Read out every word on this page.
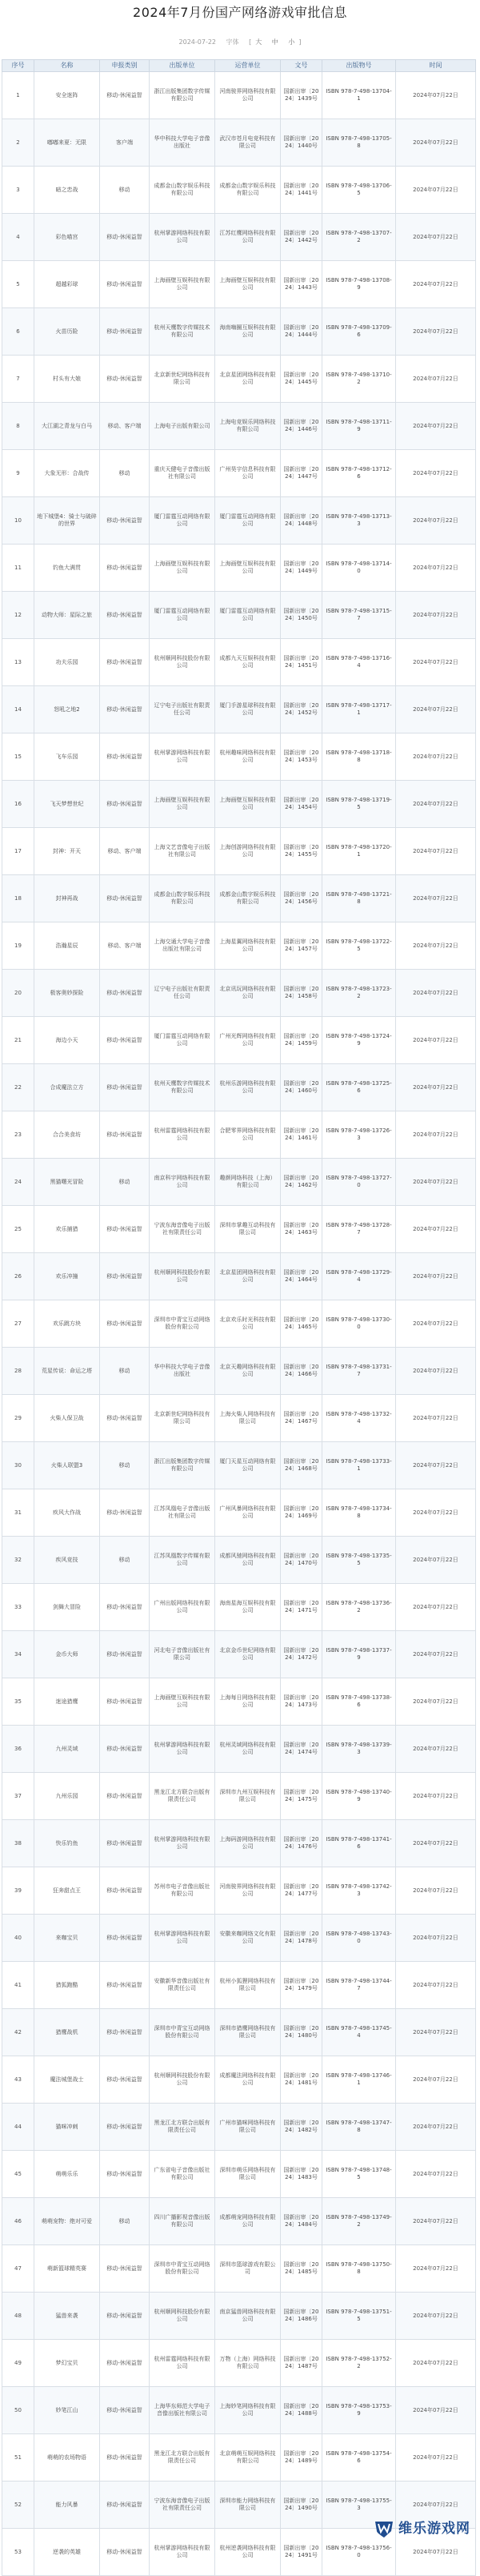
2024年7月份国产网络游戏审批信息
2024-07-22 字体 [ 大 中 小 ]
序号	名称	申报类别	出版单位	运营单位	文号	出版物号	时间
1	安全迷阵	移动-休闲益智	浙江出版集团数字传媒有限公司	河南骏界网络科技有限公司	国新出审〔2024〕1439号	ISBN 978-7-498-13704-1	2024年07月22日
2	嘟嘟来夏：无限	客户端	华中科技大学电子音像出版社	武汉市苍月电竞科技有限公司	国新出审〔2024〕1440号	ISBN 978-7-498-13705-8	2024年07月22日
3	暗之恋战	移动	成都金山数字娱乐科技有限公司	成都金山数字娱乐科技有限公司	国新出审〔2024〕1441号	ISBN 978-7-498-13706-5	2024年07月22日
4	彩色喵宫	移动-休闲益智	杭州掌游网络科技有限公司	江苏红鹰网络科技有限公司	国新出审〔2024〕1442号	ISBN 978-7-498-13707-2	2024年07月22日
5	超越彩球	移动-休闲益智	上海画壁互娱科技有限公司	上海画壁互娱科技有限公司	国新出审〔2024〕1443号	ISBN 978-7-498-13708-9	2024年07月22日
6	火苗历险	移动-休闲益智	杭州天鹰数字传媒技术有限公司	海南嗨圈互娱科技有限公司	国新出审〔2024〕1444号	ISBN 978-7-498-13709-6	2024年07月22日
7	村头有大娘	移动-休闲益智	北京新世纪网络科技有限公司	北京星团网络科技有限公司	国新出审〔2024〕1445号	ISBN 978-7-498-13710-2	2024年07月22日
8	大江湖之青龙与白马	移动、客户端	上海电子出版有限公司	上海电竞娱乐网络科技有限公司	国新出审〔2024〕1446号	ISBN 978-7-498-13711-9	2024年07月22日
9	大象无形：合战传	移动	重庆天健电子音像出版社有限公司	广州昊宇信息科技有限公司	国新出审〔2024〕1447号	ISBN 978-7-498-13712-6	2024年07月22日
10	地下城堡4：骑士与破碎的世界	移动-休闲益智	厦门雷霆互动网络有限公司	厦门雷霆互动网络有限公司	国新出审〔2024〕1448号	ISBN 978-7-498-13713-3	2024年07月22日
11	钓鱼大满贯	移动-休闲益智	上海画壁互娱科技有限公司	上海画壁互娱科技有限公司	国新出审〔2024〕1449号	ISBN 978-7-498-13714-0	2024年07月22日
12	动物大师：星际之旅	移动-休闲益智	厦门雷霆互动网络有限公司	厦门雷霆互动网络有限公司	国新出审〔2024〕1450号	ISBN 978-7-498-13715-7	2024年07月22日
13	功夫乐园	移动-休闲益智	杭州顺网科技股份有限公司	成都九天互娱科技有限公司	国新出审〔2024〕1451号	ISBN 978-7-498-13716-4	2024年07月22日
14	怒吼之地2	移动-休闲益智	辽宁电子出版社有限责任公司	厦门手游星球科技有限公司	国新出审〔2024〕1452号	ISBN 978-7-498-13717-1	2024年07月22日
15	飞车乐园	移动-休闲益智	杭州掌游网络科技有限公司	杭州趣味网络科技有限公司	国新出审〔2024〕1453号	ISBN 978-7-498-13718-8	2024年07月22日
16	飞天梦想世纪	移动-休闲益智	上海画壁互娱科技有限公司	上海画壁互娱科技有限公司	国新出审〔2024〕1454号	ISBN 978-7-498-13719-5	2024年07月22日
17	封神：开天	移动、客户端	上海文艺音像电子出版社有限公司	上海创游网络科技有限公司	国新出审〔2024〕1455号	ISBN 978-7-498-13720-1	2024年07月22日
18	封神再战	移动-休闲益智	成都金山数字娱乐科技有限公司	成都金山数字娱乐科技有限公司	国新出审〔2024〕1456号	ISBN 978-7-498-13721-8	2024年07月22日
19	浩瀚星辰	移动、客户端	上海交通大学电子音像出版社有限公司	上海星翼网络科技有限公司	国新出审〔2024〕1457号	ISBN 978-7-498-13722-5	2024年07月22日
20	极客奥妙探险	移动-休闲益智	辽宁电子出版社有限责任公司	北京讯玩网络科技有限公司	国新出审〔2024〕1458号	ISBN 978-7-498-13723-2	2024年07月22日
21	海边小天	移动-休闲益智	厦门雷霆互动网络有限公司	广州光辉网络科技有限公司	国新出审〔2024〕1459号	ISBN 978-7-498-13724-9	2024年07月22日
22	合成魔法立方	移动-休闲益智	杭州天鹰数字传媒技术有限公司	杭州乐游网络科技有限公司	国新出审〔2024〕1460号	ISBN 978-7-498-13725-6	2024年07月22日
23	合合美食坊	移动-休闲益智	杭州雷霆网络科技有限公司	合肥零界网络科技有限公司	国新出审〔2024〕1461号	ISBN 978-7-498-13726-3	2024年07月22日
24	黑猫曙光冒险	移动	南京科宇网络科技有限公司	趣颜网络科技（上海）有限公司	国新出审〔2024〕1462号	ISBN 978-7-498-13727-0	2024年07月22日
25	欢乐捕猎	移动-休闲益智	宁波东海音像电子出版社有限责任公司	深圳市掌趣互动科技有限公司	国新出审〔2024〕1463号	ISBN 978-7-498-13728-7	2024年07月22日
26	欢乐冲撞	移动-休闲益智	杭州顺网科技股份有限公司	北京星团网络科技有限公司	国新出审〔2024〕1464号	ISBN 978-7-498-13729-4	2024年07月22日
27	欢乐跳方块	移动-休闲益智	深圳市中青宝互动网络股份有限公司	北京欢乐时光科技有限公司	国新出审〔2024〕1465号	ISBN 978-7-498-13730-0	2024年07月22日
28	荒星传说：命运之塔	移动	华中科技大学电子音像出版社	北京天趣网络科技有限公司	国新出审〔2024〕1466号	ISBN 978-7-498-13731-7	2024年07月22日
29	火柴人保卫战	移动-休闲益智	北京新世纪网络科技有限公司	上海火柴人网络科技有限公司	国新出审〔2024〕1467号	ISBN 978-7-498-13732-4	2024年07月22日
30	火柴人联盟3	移动	浙江出版集团数字传媒有限公司	厦门天星互动网络有限公司	国新出审〔2024〕1468号	ISBN 978-7-498-13733-1	2024年07月22日
31	疾风大作战	移动-休闲益智	江苏凤凰电子音像出版社有限公司	广州风暴网络科技有限公司	国新出审〔2024〕1469号	ISBN 978-7-498-13734-8	2024年07月22日
32	疾风竞技	移动	江苏凤凰数字传媒有限公司	成都风驰网络科技有限公司	国新出审〔2024〕1470号	ISBN 978-7-498-13735-5	2024年07月22日
33	剑舞大冒险	移动-休闲益智	广州出版网络科技有限公司	海南星海互娱科技有限公司	国新出审〔2024〕1471号	ISBN 978-7-498-13736-2	2024年07月22日
34	金币大师	移动-休闲益智	河北电子音像出版社有限公司	北京金币世纪网络有限公司	国新出审〔2024〕1472号	ISBN 978-7-498-13737-9	2024年07月22日
35	迷途猎鹰	移动-休闲益智	上海画壁互娱科技有限公司	上海每日网络科技有限公司	国新出审〔2024〕1473号	ISBN 978-7-498-13738-6	2024年07月22日
36	九州灵域	移动-休闲益智	杭州掌游网络科技有限公司	杭州灵域网络科技有限公司	国新出审〔2024〕1474号	ISBN 978-7-498-13739-3	2024年07月22日
37	九州乐园	移动-休闲益智	黑龙江北方联合出版有限责任公司	深圳市九州互娱科技有限公司	国新出审〔2024〕1475号	ISBN 978-7-498-13740-9	2024年07月22日
38	快乐钓鱼	移动-休闲益智	杭州掌游网络科技有限公司	上海码游网络科技有限公司	国新出审〔2024〕1476号	ISBN 978-7-498-13741-6	2024年07月22日
39	狂奔甜点王	移动-休闲益智	苏州市电子音像出版社有限公司	河南骏界网络科技有限公司	国新出审〔2024〕1477号	ISBN 978-7-498-13742-3	2024年07月22日
40	来咖宝贝	移动-休闲益智	杭州掌游网络科技有限公司	安徽来咖网络文化有限公司	国新出审〔2024〕1478号	ISBN 978-7-498-13743-0	2024年07月22日
41	猎狐跑酷	移动-休闲益智	安徽新华音像出版社有限责任公司	杭州小狐狸网络科技有限公司	国新出审〔2024〕1479号	ISBN 978-7-498-13744-7	2024年07月22日
42	猎鹰战机	移动-休闲益智	深圳市中青宝互动网络股份有限公司	深圳市猎鹰网络科技有限公司	国新出审〔2024〕1480号	ISBN 978-7-498-13745-4	2024年07月22日
43	魔法城堡战士	移动-休闲益智	杭州顺网科技股份有限公司	成都魔法网络科技有限公司	国新出审〔2024〕1481号	ISBN 978-7-498-13746-1	2024年07月22日
44	猫咪冲刺	移动-休闲益智	黑龙江北方联合出版有限责任公司	广州市猫咪网络科技有限公司	国新出审〔2024〕1482号	ISBN 978-7-498-13747-8	2024年07月22日
45	萌萌乐乐	移动-休闲益智	广东省电子音像出版社有限公司	深圳市萌乐网络科技有限公司	国新出审〔2024〕1483号	ISBN 978-7-498-13748-5	2024年07月22日
46	萌萌宠物：绝对可爱	移动	四川广播影视音像出版有限公司	成都萌宠网络科技有限公司	国新出审〔2024〕1484号	ISBN 978-7-498-13749-2	2024年07月22日
47	萌新篮球精英赛	移动-休闲益智	深圳市中青宝互动网络股份有限公司	深圳市篮球游戏有限公司	国新出审〔2024〕1485号	ISBN 978-7-498-13750-8	2024年07月22日
48	猛兽来袭	移动-休闲益智	杭州顺网科技股份有限公司	南京猛兽网络科技有限公司	国新出审〔2024〕1486号	ISBN 978-7-498-13751-5	2024年07月22日
49	梦幻宝贝	移动-休闲益智	杭州雷霆网络科技有限公司	万物（上海）网络科技有限公司	国新出审〔2024〕1487号	ISBN 978-7-498-13752-2	2024年07月22日
50	妙笔江山	移动-休闲益智	上海华东师范大学电子音像出版社有限公司	上海妙笔网络科技有限公司	国新出审〔2024〕1488号	ISBN 978-7-498-13753-9	2024年07月22日
51	萌萌的农场物语	移动-休闲益智	黑龙江北方联合出版有限责任公司	北京萌萌互娱网络科技有限公司	国新出审〔2024〕1489号	ISBN 978-7-498-13754-6	2024年07月22日
52	能力风暴	移动-休闲益智	宁波东海音像电子出版社有限责任公司	深圳市能力网络科技有限公司	国新出审〔2024〕1490号	ISBN 978-7-498-13755-3	2024年07月22日
53	逆袭的英雄	移动-休闲益智	杭州掌游网络科技有限公司	杭州逆袭网络科技有限公司	国新出审〔2024〕1491号	ISBN 978-7-498-13756-0	2024年07月22日
维乐游戏网
